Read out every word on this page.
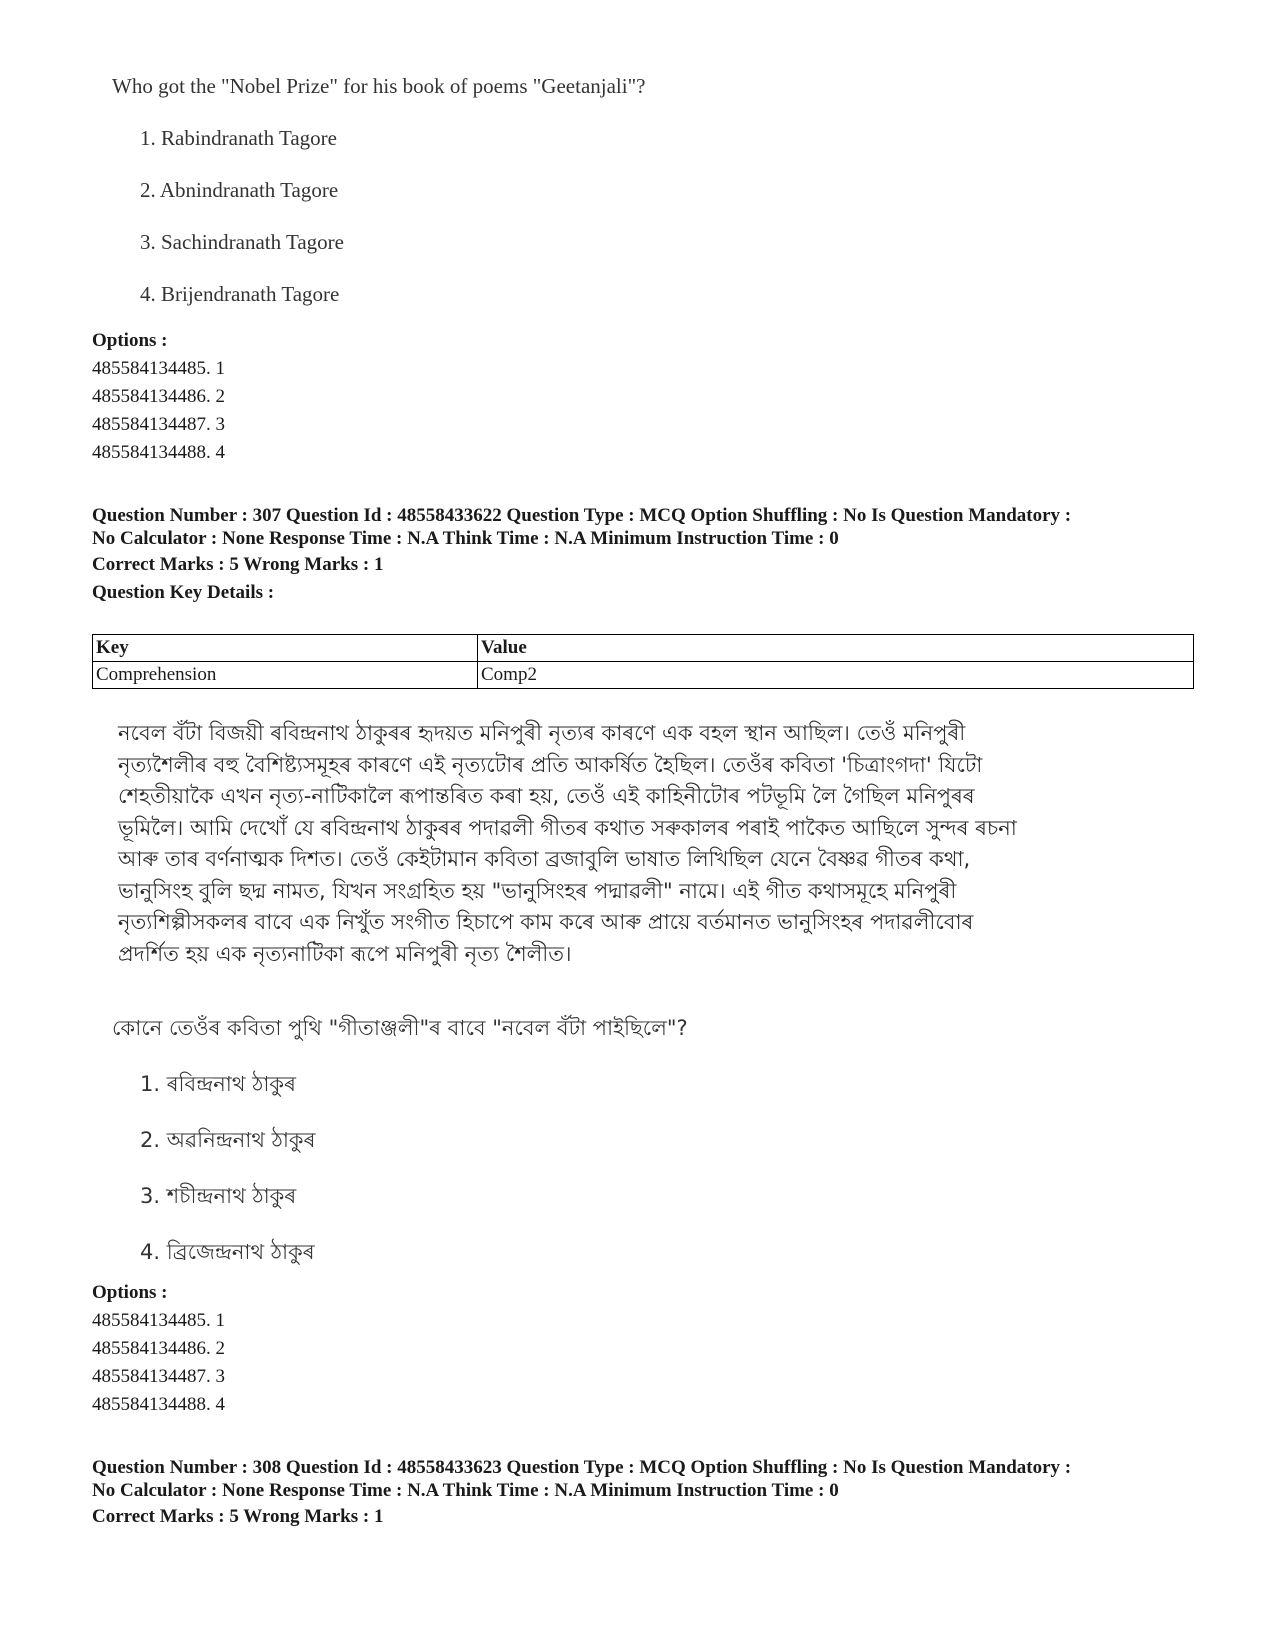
Who got the "Nobel Prize" for his book of poems "Geetanjali"?
1. Rabindranath Tagore
2. Abnindranath Tagore
3. Sachindranath Tagore
4. Brijendranath Tagore
Options :
485584134485. 1
485584134486. 2
485584134487. 3
485584134488. 4
Question Number : 307 Question Id : 48558433622 Question Type : MCQ Option Shuffling : No Is Question Mandatory :
No Calculator : None Response Time : N.A Think Time : N.A Minimum Instruction Time : 0
Correct Marks : 5 Wrong Marks : 1
Question Key Details :
Key	Value
Comprehension	Comp2
নবেল বঁটা বিজয়ী ৰবিন্দ্ৰনাথ ঠাকুৰৰ হৃদয়ত মনিপুৰী নৃত্যৰ কাৰণে এক বহল স্থান আছিল। তেওঁ মনিপুৰী
নৃত্যশৈলীৰ বহু বৈশিষ্ট্যসমূহৰ কাৰণে এই নৃত্যটোৰ প্ৰতি আকৰ্ষিত হৈছিল। তেওঁৰ কবিতা 'চিত্ৰাংগদা' যিটো
শেহতীয়াকৈ এখন নৃত্য-নাটিকালৈ ৰূপান্তৰিত কৰা হয়, তেওঁ এই কাহিনীটোৰ পটভূমি লৈ গৈছিল মনিপুৰৰ
ভূমিলৈ। আমি দেখোঁ যে ৰবিন্দ্ৰনাথ ঠাকুৰৰ পদাৱলী গীতৰ কথাত সৰুকালৰ পৰাই পাকৈত আছিলে সুন্দৰ ৰচনা
আৰু তাৰ বৰ্ণনাত্মক দিশত। তেওঁ কেইটামান কবিতা ব্ৰজাবুলি ভাষাত লিখিছিল যেনে বৈষ্ণৱ গীতৰ কথা,
ভানুসিংহ বুলি ছদ্ম নামত, যিখন সংগ্ৰহিত হয় "ভানুসিংহৰ পদ্মাৱলী" নামে। এই গীত কথাসমূহে মনিপুৰী
নৃত্যশিল্পীসকলৰ বাবে এক নিখুঁত সংগীত হিচাপে কাম কৰে আৰু প্ৰায়ে বৰ্তমানত ভানুসিংহৰ পদাৱলীবোৰ
প্ৰদৰ্শিত হয় এক নৃত্যনাটিকা ৰূপে মনিপুৰী নৃত্য শৈলীত।
কোনে তেওঁৰ কবিতা পুথি "গীতাঞ্জলী"ৰ বাবে "নবেল বঁটা পাইছিলে"?
1. ৰবিন্দ্ৰনাথ ঠাকুৰ
2. অৱনিন্দ্ৰনাথ ঠাকুৰ
3. শচীন্দ্ৰনাথ ঠাকুৰ
4. ব্ৰিজেন্দ্ৰনাথ ঠাকুৰ
Options :
485584134485. 1
485584134486. 2
485584134487. 3
485584134488. 4
Question Number : 308 Question Id : 48558433623 Question Type : MCQ Option Shuffling : No Is Question Mandatory :
No Calculator : None Response Time : N.A Think Time : N.A Minimum Instruction Time : 0
Correct Marks : 5 Wrong Marks : 1
